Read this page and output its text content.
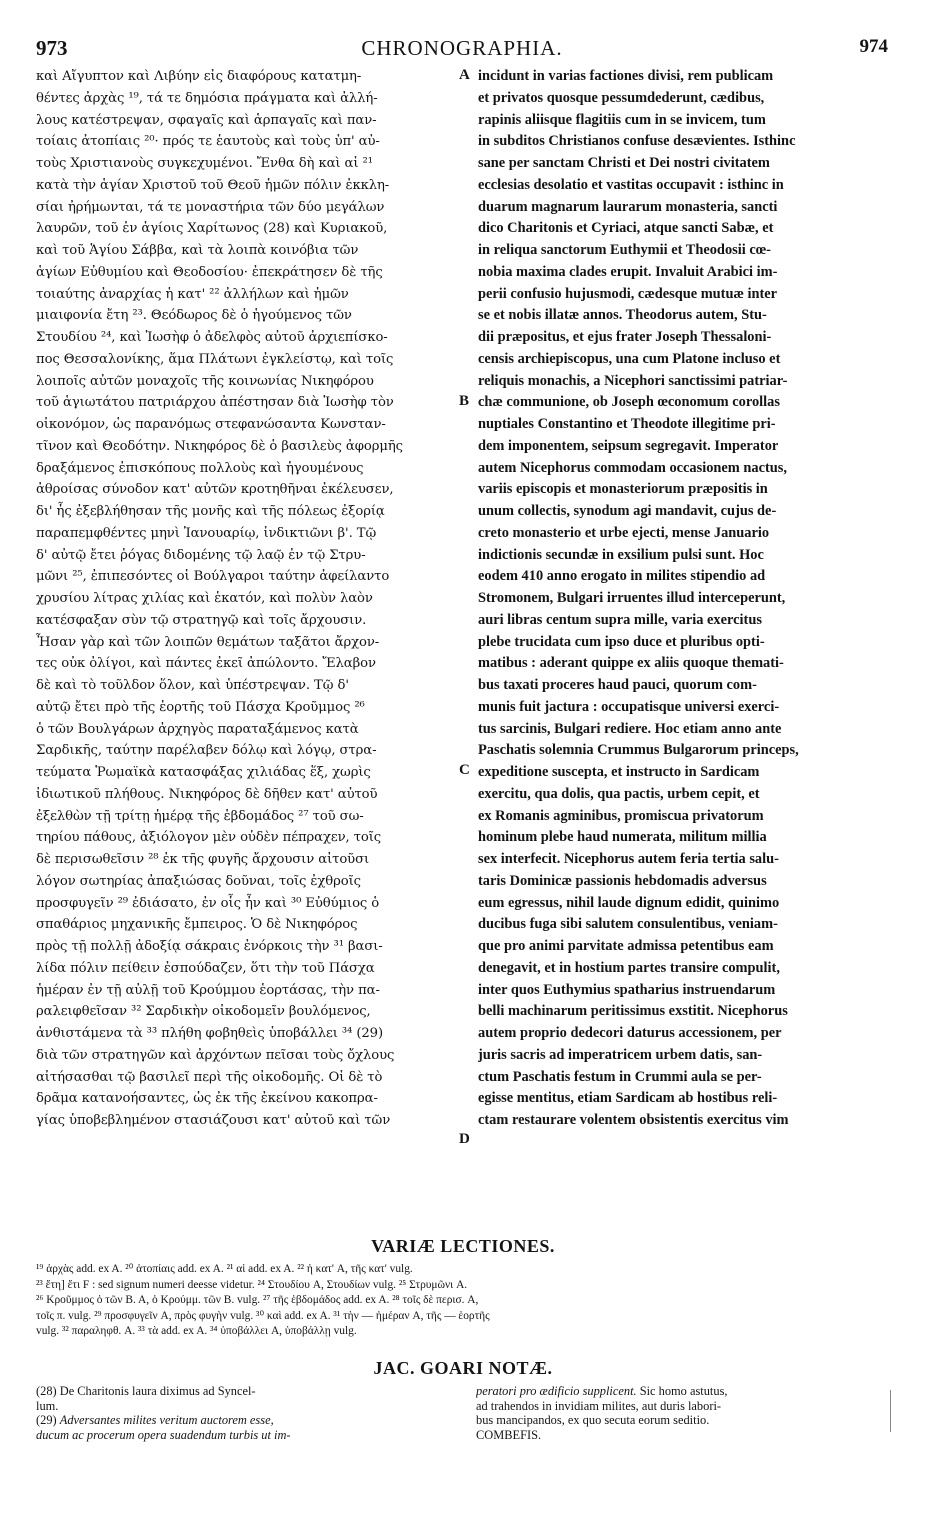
973	CHRONOGRAPHIA.	974
καὶ Αἴγυπτον καὶ Λιβύην εἰς διαφόρους κατατμη-
θέντες ἀρχὰς ¹⁹, τά τε δημόσια πράγματα καὶ ἀλλή-
λους κατέστρεψαν, σφαγαῖς καὶ ἁρπαγαῖς καὶ παν-
τοίαις ἀτοπίαις ²⁰· πρός τε ἑαυτοὺς καὶ τοὺς ὑπ' αὐ-
τοὺς Χριστιανοὺς συγκεχυμένοι. Ἔνθα δὴ καὶ αἱ ²¹
κατὰ τὴν ἁγίαν Χριστοῦ τοῦ Θεοῦ ἡμῶν πόλιν ἐκκλη-
σίαι ἠρήμωνται, τά τε μοναστήρια τῶν δύο μεγάλων
λαυρῶν, τοῦ ἐν ἁγίοις Χαρίτωνος (28) καὶ Κυριακοῦ,
καὶ τοῦ Ἁγίου Σάββα, καὶ τὰ λοιπὰ κοινόβια τῶν
ἁγίων Εὐθυμίου καὶ Θεοδοσίου· ἐπεκράτησεν δὲ τῆς
τοιαύτης ἀναρχίας ἡ κατ' ²² ἀλλήλων καὶ ἡμῶν
μιαιφονία ἔτη ²³. Θεόδωρος δὲ ὁ ἡγούμενος τῶν
Στουδίου ²⁴, καὶ Ἰωσὴφ ὁ ἀδελφὸς αὐτοῦ ἀρχιεπίσκο-
πος Θεσσαλονίκης, ἅμα Πλάτωνι ἐγκλείστῳ, καὶ τοῖς
λοιποῖς αὐτῶν μοναχοῖς τῆς κοινωνίας Νικηφόρου
τοῦ ἁγιωτάτου πατριάρχου ἀπέστησαν διὰ Ἰωσὴφ τὸν
οἰκονόμον, ὡς παρανόμως στεφανώσαντα Κωνσταν-
τῖνον καὶ Θεοδότην. Νικηφόρος δὲ ὁ βασιλεὺς ἀφορμῆς
δραξάμενος ἐπισκόπους πολλοὺς καὶ ἡγουμένους
ἀθροίσας σύνοδον κατ' αὐτῶν κροτηθῆναι ἐκέλευσεν,
δι' ἧς ἐξεβλήθησαν τῆς μονῆς καὶ τῆς πόλεως ἐξορίᾳ
παραπεμφθέντες μηνὶ Ἰανουαρίῳ, ἰνδικτιῶνι β'. Τῷ
δ' αὐτῷ ἔτει ῥόγας διδομένης τῷ λαῷ ἐν τῷ Στρυ-
μῶνι ²⁵, ἐπιπεσόντες οἱ Βούλγαροι ταύτην ἀφείλαντο
χρυσίου λίτρας χιλίας καὶ ἑκατόν, καὶ πολὺν λαὸν
κατέσφαξαν σὺν τῷ στρατηγῷ καὶ τοῖς ἄρχουσιν.
Ἦσαν γὰρ καὶ τῶν λοιπῶν θεμάτων ταξᾶτοι ἄρχον-
τες οὐκ ὀλίγοι, καὶ πάντες ἐκεῖ ἀπώλοντο. Ἔλαβον
δὲ καὶ τὸ τοῦλδον ὅλον, καὶ ὑπέστρεψαν. Τῷ δ'
αὐτῷ ἔτει πρὸ τῆς ἑορτῆς τοῦ Πάσχα Κροῦμμος ²⁶
ὁ τῶν Βουλγάρων ἀρχηγὸς παραταξάμενος κατὰ
Σαρδικῆς, ταύτην παρέλαβεν δόλῳ καὶ λόγῳ, στρα-
τεύματα Ῥωμαϊκὰ κατασφάξας χιλιάδας ἕξ, χωρὶς
ἰδιωτικοῦ πλήθους. Νικηφόρος δὲ δῆθεν κατ' αὐτοῦ
ἐξελθὼν τῇ τρίτῃ ἡμέρᾳ τῆς ἑβδομάδος ²⁷ τοῦ σω-
τηρίου πάθους, ἀξιόλογον μὲν οὐδὲν πέπραχεν, τοῖς
δὲ περισωθεῖσιν ²⁸ ἐκ τῆς φυγῆς ἄρχουσιν αἰτοῦσι
λόγον σωτηρίας ἀπαξιώσας δοῦναι, τοῖς ἐχθροῖς
προσφυγεῖν ²⁹ ἐδιάσατο, ἐν οἷς ἦν καὶ ³⁰ Εὐθύμιος ὁ
σπαθάριος μηχανικῆς ἔμπειρος. Ὁ δὲ Νικηφόρος
πρὸς τῇ πολλῇ ἀδοξίᾳ σάκραις ἐνόρκοις τὴν ³¹ βασι-
λίδα πόλιν πείθειν ἐσπούδαζεν, ὅτι τὴν τοῦ Πάσχα
ἡμέραν ἐν τῇ αὐλῇ τοῦ Κρούμμου ἑορτάσας, τὴν πα-
ραλειφθεῖσαν ³² Σαρδικὴν οἰκοδομεῖν βουλόμενος,
ἀνθιστάμενα τὰ ³³ πλήθη φοβηθεὶς ὑποβάλλει ³⁴ (29)
διὰ τῶν στρατηγῶν καὶ ἀρχόντων πεῖσαι τοὺς ὄχλους
αἰτήσασθαι τῷ βασιλεῖ περὶ τῆς οἰκοδομῆς. Οἱ δὲ τὸ
δρᾶμα κατανοήσαντες, ὡς ἐκ τῆς ἐκείνου κακοπρα-
γίας ὑποβεβλημένον στασιάζουσι κατ' αὐτοῦ καὶ τῶν
incidunt in varias factiones divisi, rem publicam
et privatos quosque pessumdederunt, cædibus,
rapinis aliisque flagitiis cum in se invicem, tum
in subditos Christianos confuse desævientes. Isthinc
sane per sanctam Christi et Dei nostri civitatem
ecclesias desolatio et vastitas occupavit : isthinc in
duarum magnarum laurarum monasteria, sancti
dico Charitonis et Cyriaci, atque sancti Sabæ, et
in reliqua sanctorum Euthymii et Theodosii cœ-
nobia maxima clades erupit. Invaluit Arabici im-
perii confusio hujusmodi, cædesque mutuæ inter
se et nobis illatæ annos. Theodorus autem, Stu-
dii præpositus, et ejus frater Joseph Thessaloni-
censis archiepiscopus, una cum Platone incluso et
reliquis monachis, a Nicephori sanctissimi patriar-
chæ communione, ob Joseph œconomum corollas
nuptiales Constantino et Theodote illegitime pri-
dem imponentem, seipsum segregavit. Imperator
autem Nicephorus commodam occasionem nactus,
variis episcopis et monasteriorum præpositis in
unum collectis, synodum agi mandavit, cujus de-
creto monasterio et urbe ejecti, mense Januario
indictionis secundæ in exsilium pulsi sunt. Hoc
eodem 410 anno erogato in milites stipendio ad
Stromonem, Bulgari irruentes illud interceperunt,
auri libras centum supra mille, varia exercitus
plebe trucidata cum ipso duce et pluribus opti-
matibus : aderant quippe ex aliis quoque themati-
bus taxati proceres haud pauci, quorum com-
munis fuit jactura : occupatisque universi exerci-
tus sarcinis, Bulgari rediere. Hoc etiam anno ante
Paschatis solemnia Crummus Bulgarorum princeps,
expeditione suscepta, et instructo in Sardicam
exercitu, qua dolis, qua pactis, urbem cepit, et
ex Romanis agminibus, promiscua privatorum
hominum plebe haud numerata, militum millia
sex interfecit. Nicephorus autem feria tertia salu-
taris Dominicæ passionis hebdomadis adversus
eum egressus, nihil laude dignum edidit, quinimo
ducibus fuga sibi salutem consulentibus, veniam-
que pro animi parvitate admissa petentibus eam
denegavit, et in hostium partes transire compulit,
inter quos Euthymius spatharius instruendarum
belli machinarum peritissimus exstitit. Nicephorus
autem proprio dedecori daturus accessionem, per
juris sacris ad imperatricem urbem datis, san-
ctum Paschatis festum in Crummi aula se per-
egisse mentitus, etiam Sardicam ab hostibus reli-
ctam restaurare volentem obsistentis exercitus vim
A
B
C
D
VARIÆ LECTIONES.
¹⁹ ἀρχὰς add. ex A. ²⁰ ἀτοπίαις add. ex A. ²¹ αἱ add. ex A. ²² ἡ κατ' A, τῆς κατ' vulg.
²³ ἔτη] ἔτι F : sed signum numeri deesse videtur. ²⁴ Στουδίου A, Στουδίων vulg. ²⁵ Στρυμῶνι A.
²⁶ Κροῦμμος ὁ τῶν B. A, ὁ Κρούμμ. τῶν B. vulg. ²⁷ τῆς ἑβδομάδος add. ex A. ²⁸ τοῖς δὲ περισ. A,
τοῖς π. vulg. ²⁹ προσφυγεῖν A, πρὸς φυγὴν vulg. ³⁰ καὶ add. ex A. ³¹ τὴν — ἡμέραν A, τῆς — ἑορτῆς
vulg. ³² παραληφθ. A. ³³ τὰ add. ex A. ³⁴ ὑποβάλλει A, ὑποβάλλῃ vulg.
JAC. GOARI NOTÆ.
(28) De Charitonis laura diximus ad Syncel-
lum.
(29) Adversantes milites veritum auctorem esse,
ducum ac procerum opera suadendum turbis ut im-
peratori pro ædificio supplicent. Sic homo astutus,
ad trahendos in invidiam milites, aut duris labori-
bus mancipandos, ex quo secuta eorum seditio.
COMBEFIS.
